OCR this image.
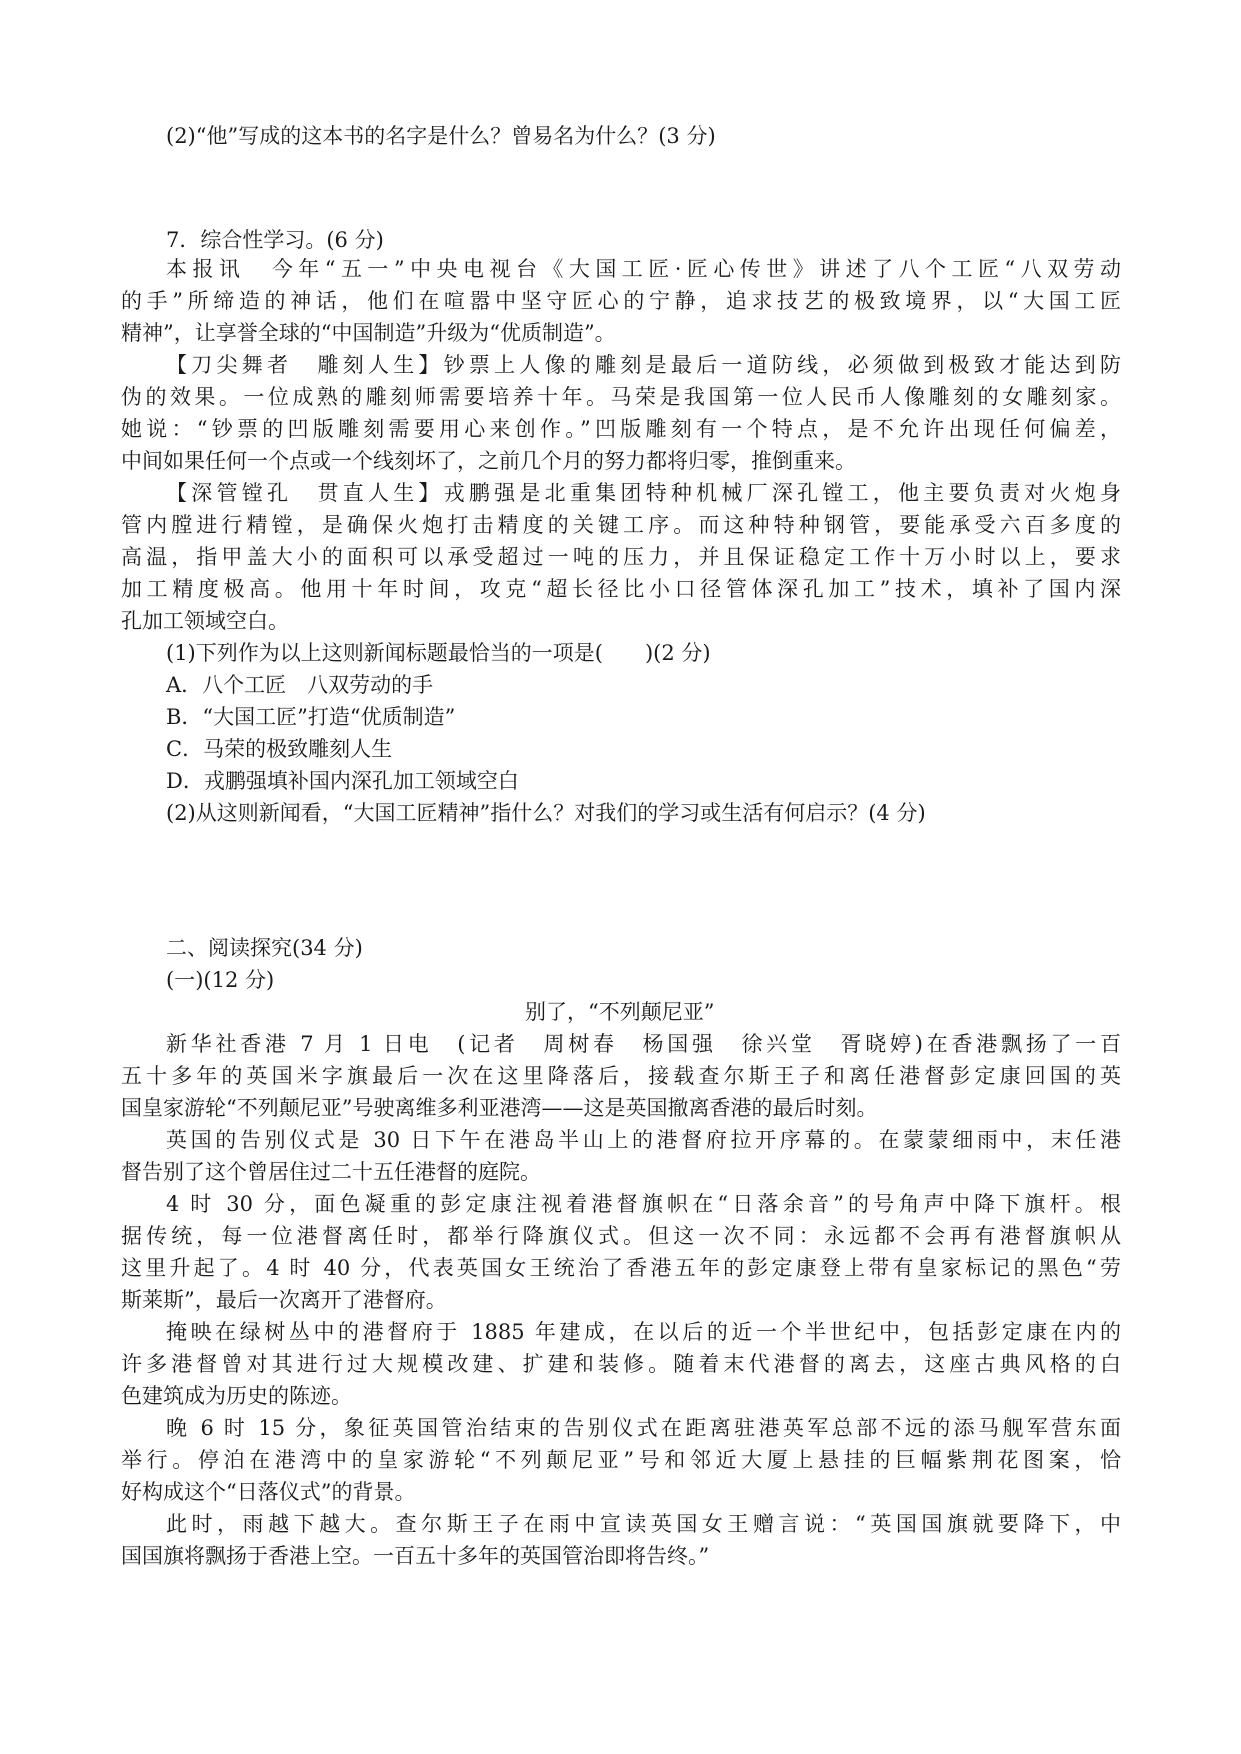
(2)“他”写成的这本书的名字是什么？曾易名为什么？(3 分)
7．综合性学习。(6 分)
本报讯　今年“五一”中央电视台《大国工匠·匠心传世》讲述了八个工匠“八双劳动
的手”所缔造的神话，他们在喧嚣中坚守匠心的宁静，追求技艺的极致境界，以“大国工匠
精神”，让享誉全球的“中国制造”升级为“优质制造”。
【刀尖舞者　雕刻人生】钞票上人像的雕刻是最后一道防线，必须做到极致才能达到防
伪的效果。一位成熟的雕刻师需要培养十年。马荣是我国第一位人民币人像雕刻的女雕刻家。
她说：“钞票的凹版雕刻需要用心来创作。”凹版雕刻有一个特点，是不允许出现任何偏差，
中间如果任何一个点或一个线刻坏了，之前几个月的努力都将归零，推倒重来。
【深管镗孔　贯直人生】戎鹏强是北重集团特种机械厂深孔镗工，他主要负责对火炮身
管内膛进行精镗，是确保火炮打击精度的关键工序。而这种特种钢管，要能承受六百多度的
高温，指甲盖大小的面积可以承受超过一吨的压力，并且保证稳定工作十万小时以上，要求
加工精度极高。他用十年时间，攻克“超长径比小口径管体深孔加工”技术，填补了国内深
孔加工领域空白。
(1)下列作为以上这则新闻标题最恰当的一项是(　　)(2 分)
A．八个工匠　八双劳动的手
B．“大国工匠”打造“优质制造”
C．马荣的极致雕刻人生
D．戎鹏强填补国内深孔加工领域空白
(2)从这则新闻看，“大国工匠精神”指什么？对我们的学习或生活有何启示？(4 分)
二、阅读探究(34 分)
(一)(12 分)
别了，“不列颠尼亚”
新华社香港 7 月 1 日电　(记者　周树春　杨国强　徐兴堂　胥晓婷)在香港飘扬了一百
五十多年的英国米字旗最后一次在这里降落后，接载查尔斯王子和离任港督彭定康回国的英
国皇家游轮“不列颠尼亚”号驶离维多利亚港湾——这是英国撤离香港的最后时刻。
英国的告别仪式是 30 日下午在港岛半山上的港督府拉开序幕的。在蒙蒙细雨中，末任港
督告别了这个曾居住过二十五任港督的庭院。
4 时 30 分，面色凝重的彭定康注视着港督旗帜在“日落余音”的号角声中降下旗杆。根
据传统，每一位港督离任时，都举行降旗仪式。但这一次不同：永远都不会再有港督旗帜从
这里升起了。4 时 40 分，代表英国女王统治了香港五年的彭定康登上带有皇家标记的黑色“劳
斯莱斯”，最后一次离开了港督府。
掩映在绿树丛中的港督府于 1885 年建成，在以后的近一个半世纪中，包括彭定康在内的
许多港督曾对其进行过大规模改建、扩建和装修。随着末代港督的离去，这座古典风格的白
色建筑成为历史的陈迹。
晚 6 时 15 分，象征英国管治结束的告别仪式在距离驻港英军总部不远的添马舰军营东面
举行。停泊在港湾中的皇家游轮“不列颠尼亚”号和邻近大厦上悬挂的巨幅紫荆花图案，恰
好构成这个“日落仪式”的背景。
此时，雨越下越大。查尔斯王子在雨中宣读英国女王赠言说：“英国国旗就要降下，中
国国旗将飘扬于香港上空。一百五十多年的英国管治即将告终。”
